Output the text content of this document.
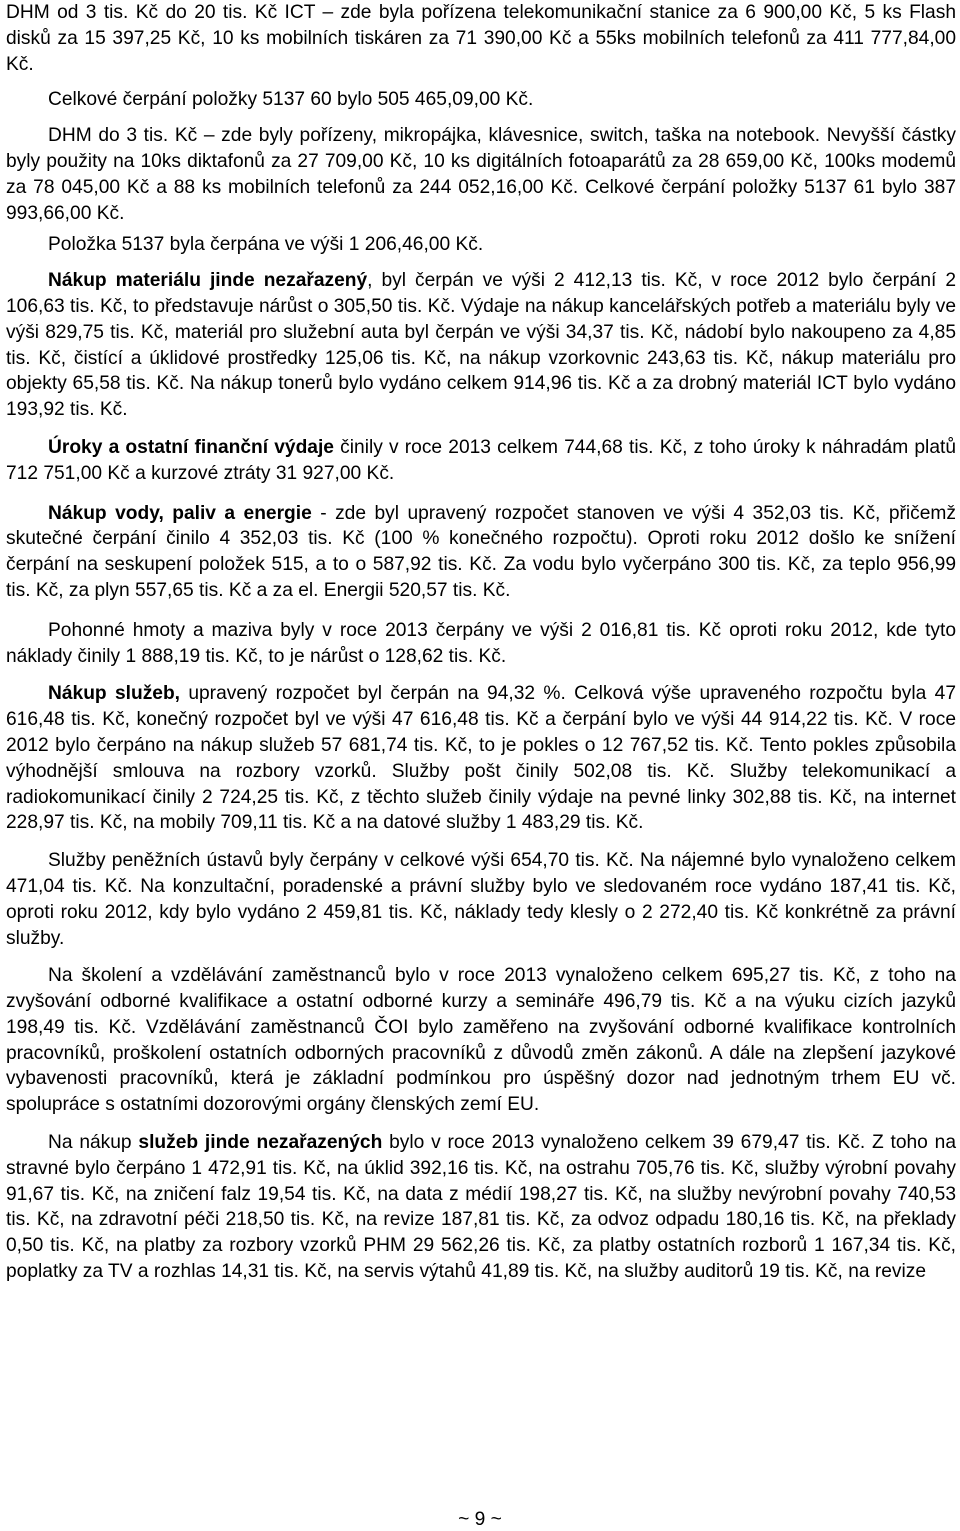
DHM od 3 tis. Kč do 20 tis. Kč ICT – zde byla pořízena telekomunikační stanice za 6 900,00 Kč, 5 ks Flash disků za 15 397,25 Kč, 10 ks mobilních tiskáren za 71 390,00 Kč a 55ks mobilních telefonů za 411 777,84,00 Kč.

Celkové čerpání položky 5137 60 bylo 505 465,09,00 Kč.

DHM do 3 tis. Kč – zde byly pořízeny, mikropájka, klávesnice, switch, taška na notebook. Nevyšší částky byly použity na 10ks diktafonů za 27 709,00 Kč, 10 ks digitálních fotoaparátů za 28 659,00 Kč, 100ks modemů za 78 045,00 Kč a 88 ks mobilních telefonů za 244 052,16,00 Kč. Celkové čerpání položky 5137 61 bylo 387 993,66,00 Kč.

Položka 5137 byla čerpána ve výši 1 206,46,00 Kč.

Nákup materiálu jinde nezařazený, byl čerpán ve výši 2 412,13 tis. Kč, v roce 2012 bylo čerpání 2 106,63 tis. Kč, to představuje nárůst o 305,50 tis. Kč. Výdaje na nákup kancelářských potřeb a materiálu byly ve výši 829,75 tis. Kč, materiál pro služební auta byl čerpán ve výši 34,37 tis. Kč, nádobí bylo nakoupeno za 4,85 tis. Kč, čistící a úklidové prostředky 125,06 tis. Kč, na nákup vzorkovnic 243,63 tis. Kč, nákup materiálu pro objekty 65,58 tis. Kč. Na nákup tonerů bylo vydáno celkem 914,96 tis. Kč a za drobný materiál ICT bylo vydáno 193,92 tis. Kč.

Úroky a ostatní finanční výdaje činily v roce 2013 celkem 744,68 tis. Kč, z toho úroky k náhradám platů 712 751,00 Kč a kurzové ztráty 31 927,00 Kč.

Nákup vody, paliv a energie - zde byl upravený rozpočet stanoven ve výši 4 352,03 tis. Kč, přičemž skutečné čerpání činilo 4 352,03 tis. Kč (100 % konečného rozpočtu). Oproti roku 2012 došlo ke snížení čerpání na seskupení položek 515, a to o 587,92 tis. Kč. Za vodu bylo vyčerpáno 300 tis. Kč, za teplo 956,99 tis. Kč, za plyn 557,65 tis. Kč a za el. Energii 520,57 tis. Kč.

Pohonné hmoty a maziva byly v roce 2013 čerpány ve výši 2 016,81 tis. Kč oproti roku 2012, kde tyto náklady činily 1 888,19 tis. Kč, to je nárůst o 128,62 tis. Kč.

Nákup služeb, upravený rozpočet byl čerpán na 94,32 %. Celková výše upraveného rozpočtu byla 47 616,48 tis. Kč, konečný rozpočet byl ve výši 47 616,48 tis. Kč a čerpání bylo ve výši 44 914,22 tis. Kč. V roce 2012 bylo čerpáno na nákup služeb 57 681,74 tis. Kč, to je pokles o 12 767,52 tis. Kč. Tento pokles způsobila výhodnější smlouva na rozbory vzorků. Služby pošt činily 502,08 tis. Kč. Služby telekomunikací a radiokomunikací činily 2 724,25 tis. Kč, z těchto služeb činily výdaje na pevné linky 302,88 tis. Kč, na internet 228,97 tis. Kč, na mobily 709,11 tis. Kč a na datové služby 1 483,29 tis. Kč.

Služby peněžních ústavů byly čerpány v celkové výši 654,70 tis. Kč. Na nájemné bylo vynaloženo celkem 471,04 tis. Kč. Na konzultační, poradenské a právní služby bylo ve sledovaném roce vydáno 187,41 tis. Kč, oproti roku 2012, kdy bylo vydáno 2 459,81 tis. Kč, náklady tedy klesly o 2 272,40 tis. Kč konkrétně za právní služby.

Na školení a vzdělávání zaměstnanců bylo v roce 2013 vynaloženo celkem 695,27 tis. Kč, z toho na zvyšování odborné kvalifikace a ostatní odborné kurzy a semináře 496,79 tis. Kč a na výuku cizích jazyků 198,49 tis. Kč. Vzdělávání zaměstnanců ČOI bylo zaměřeno na zvyšování odborné kvalifikace kontrolních pracovníků, proškolení ostatních odborných pracovníků z důvodů změn zákonů. A dále na zlepšení jazykové vybavenosti pracovníků, která je základní podmínkou pro úspěšný dozor nad jednotným trhem EU vč. spolupráce s ostatními dozorovými orgány členských zemí EU.

Na nákup služeb jinde nezařazených bylo v roce 2013 vynaloženo celkem 39 679,47 tis. Kč. Z toho na stravné bylo čerpáno 1 472,91 tis. Kč, na úklid 392,16 tis. Kč, na ostrahu 705,76 tis. Kč, služby výrobní povahy 91,67 tis. Kč, na zničení falz 19,54 tis. Kč, na data z médií 198,27 tis. Kč, na služby nevýrobní povahy 740,53 tis. Kč, na zdravotní péči 218,50 tis. Kč, na revize 187,81 tis. Kč, za odvoz odpadu 180,16 tis. Kč, na překlady 0,50 tis. Kč, na platby za rozbory vzorků PHM 29 562,26 tis. Kč, za platby ostatních rozborů 1 167,34 tis. Kč, poplatky za TV a rozhlas 14,31 tis. Kč, na servis výtahů 41,89 tis. Kč, na služby auditorů 19 tis. Kč, na revize

~ 9 ~
